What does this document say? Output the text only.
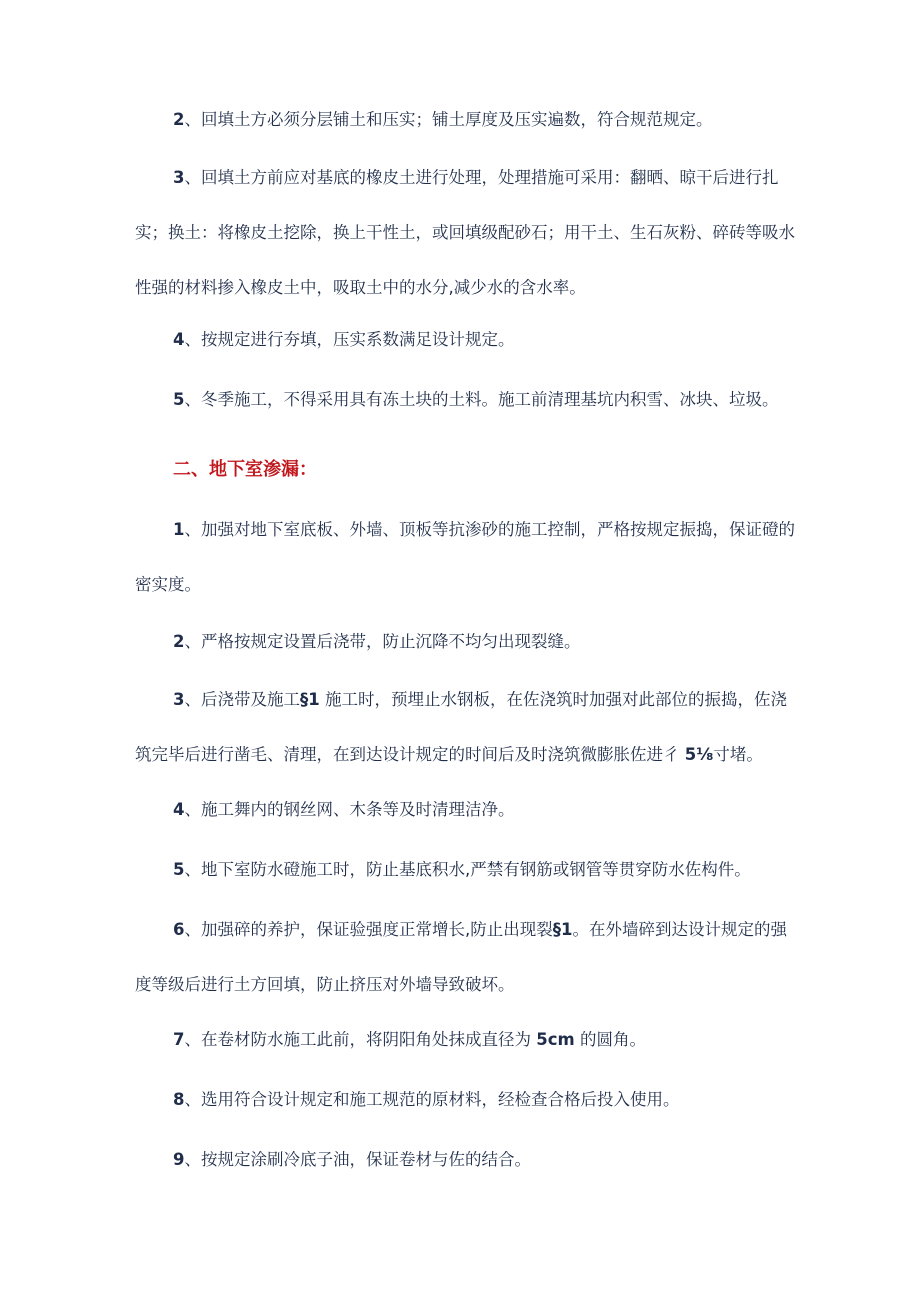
2、回填土方必须分层铺土和压实；铺土厚度及压实遍数，符合规范规定。

3、回填土方前应对基底的橡皮土进行处理，处理措施可采用：翻晒、晾干后进行扎实；换土：将橡皮土挖除，换上干性土，或回填级配砂石；用干土、生石灰粉、碎砖等吸水性强的材料掺入橡皮土中，吸取土中的水分,减少水的含水率。

4、按规定进行夯填，压实系数满足设计规定。

5、冬季施工，不得采用具有冻土块的土料。施工前清理基坑内积雪、冰块、垃圾。

二、地下室渗漏：

1、加强对地下室底板、外墙、顶板等抗渗砂的施工控制，严格按规定振捣，保证磴的密实度。

2、严格按规定设置后浇带，防止沉降不均匀出现裂缝。

3、后浇带及施工§1 施工时，预埋止水钢板，在佐浇筑时加强对此部位的振捣，佐浇筑完毕后进行凿毛、清理，在到达设计规定的时间后及时浇筑微膨胀佐进彳 5⅛寸堵。

4、施工舞内的钢丝网、木条等及时清理洁净。

5、地下室防水磴施工时，防止基底积水,严禁有钢筋或钢管等贯穿防水佐构件。

6、加强碎的养护，保证验强度正常增长,防止出现裂§1。在外墙碎到达设计规定的强度等级后进行土方回填，防止挤压对外墙导致破坏。

7、在卷材防水施工此前，将阴阳角处抹成直径为 5cm 的圆角。

8、选用符合设计规定和施工规范的原材料，经检查合格后投入使用。

9、按规定涂刷冷底子油，保证卷材与佐的结合。
